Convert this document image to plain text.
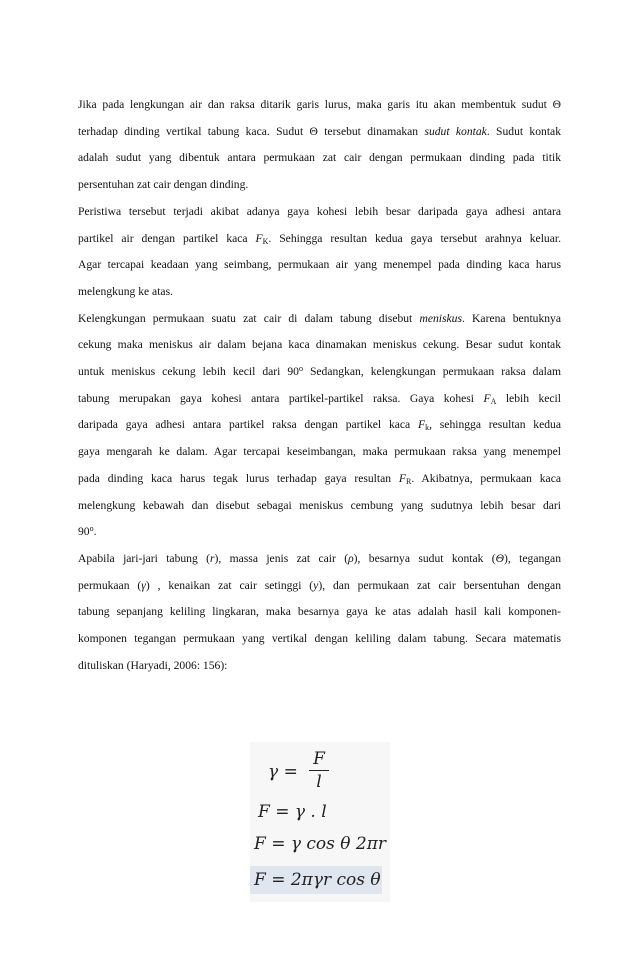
Jika pada lengkungan air dan raksa ditarik garis lurus, maka garis itu akan membentuk sudut Θ
terhadap dinding vertikal tabung kaca. Sudut Θ tersebut dinamakan sudut kontak. Sudut kontak
adalah sudut yang dibentuk antara permukaan zat cair dengan permukaan dinding pada titik
persentuhan zat cair dengan dinding.
Peristiwa tersebut terjadi akibat adanya gaya kohesi lebih besar daripada gaya adhesi antara
partikel air dengan partikel kaca $F_K$. Sehingga resultan kedua gaya tersebut arahnya keluar.
Agar tercapai keadaan yang seimbang, permukaan air yang menempel pada dinding kaca harus
melengkung ke atas.
Kelengkungan permukaan suatu zat cair di dalam tabung disebut meniskus. Karena bentuknya
cekung maka meniskus air dalam bejana kaca dinamakan meniskus cekung. Besar sudut kontak
untuk meniskus cekung lebih kecil dari 90$^o$ Sedangkan, kelengkungan permukaan raksa dalam
tabung merupakan gaya kohesi antara partikel-partikel raksa. Gaya kohesi $F_A$ lebih kecil
daripada gaya adhesi antara partikel raksa dengan partikel kaca $F_k$, sehingga resultan kedua
gaya mengarah ke dalam. Agar tercapai keseimbangan, maka permukaan raksa yang menempel
pada dinding kaca harus tegak lurus terhadap gaya resultan $F_R$. Akibatnya, permukaan kaca
melengkung kebawah dan disebut sebagai meniskus cembung yang sudutnya lebih besar dari
90$^o$.
Apabila jari-jari tabung (r), massa jenis zat cair (ρ), besarnya sudut kontak (Θ), tegangan
permukaan (γ) , kenaikan zat cair setinggi (y), dan permukaan zat cair bersentuhan dengan
tabung sepanjang keliling lingkaran, maka besarnya gaya ke atas adalah hasil kali komponen-
komponen tegangan permukaan yang vertikal dengan keliling dalam tabung. Secara matematis
dituliskan (Haryadi, 2006: 156):
γ =
F
l
F = γ . l
F = γ cos θ 2πr
F = 2πγr cos θ
